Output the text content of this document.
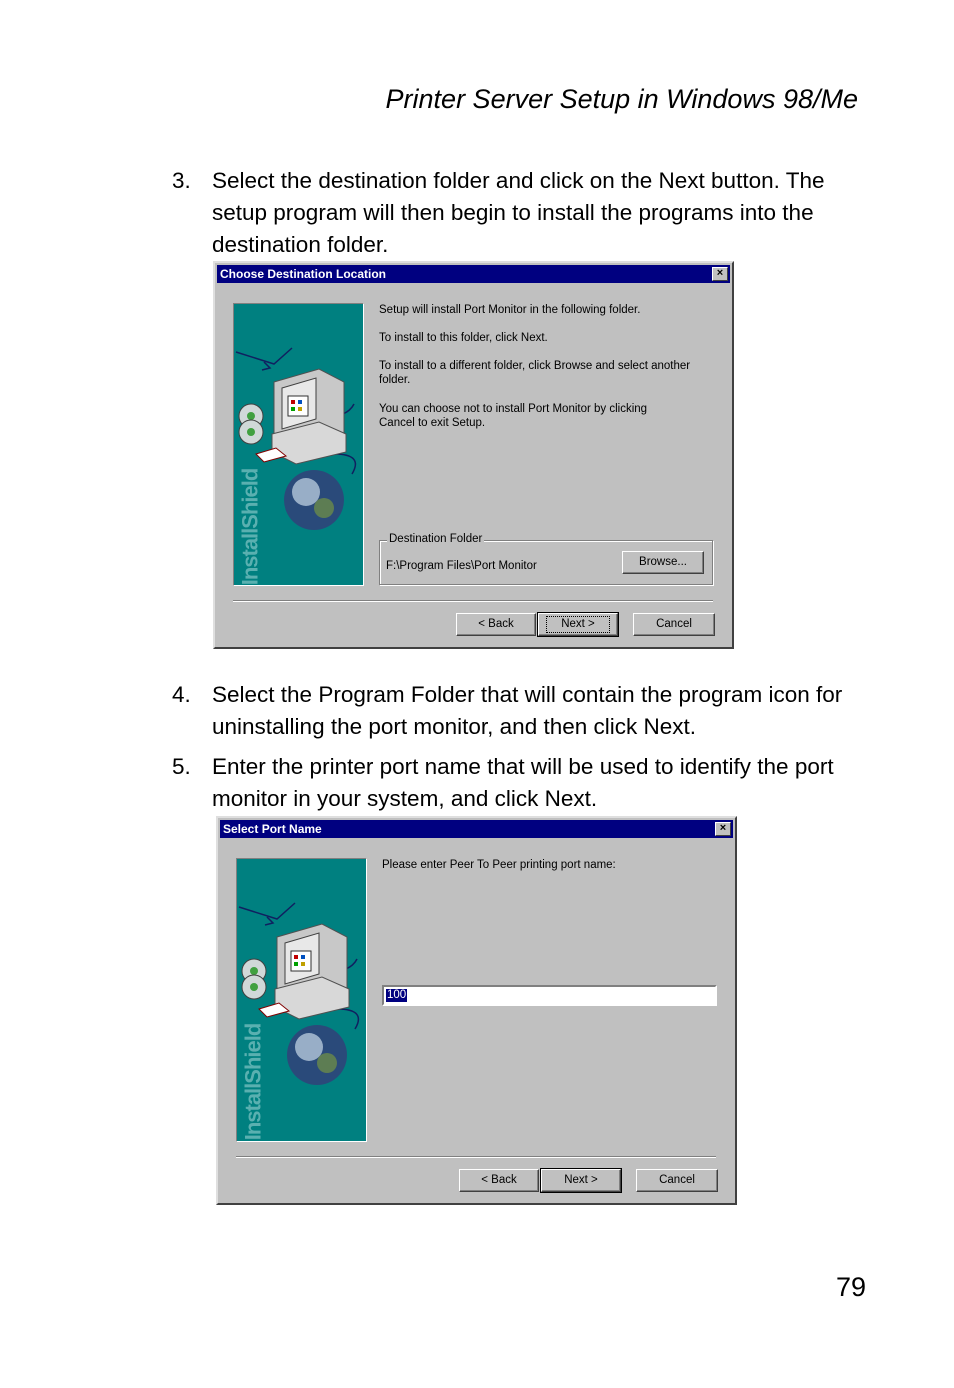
Printer Server Setup in Windows 98/Me
3. Select the destination folder and click on the Next button. The setup program will then begin to install the programs into the destination folder.
Choose Destination Location	×
InstallShield
Setup will install Port Monitor in the following folder.
To install to this folder, click Next.
To install to a different folder, click Browse and select another folder.
You can choose not to install Port Monitor by clicking Cancel to exit Setup.
Destination Folder
F:\Program Files\Port Monitor	Browse...
< Back	Next >	Cancel
4. Select the Program Folder that will contain the program icon for uninstalling the port monitor, and then click Next.
5. Enter the printer port name that will be used to identify the port monitor in your system, and click Next.
Select Port Name	×
InstallShield
Please enter Peer To Peer printing port name:
100
< Back	Next >	Cancel
79
